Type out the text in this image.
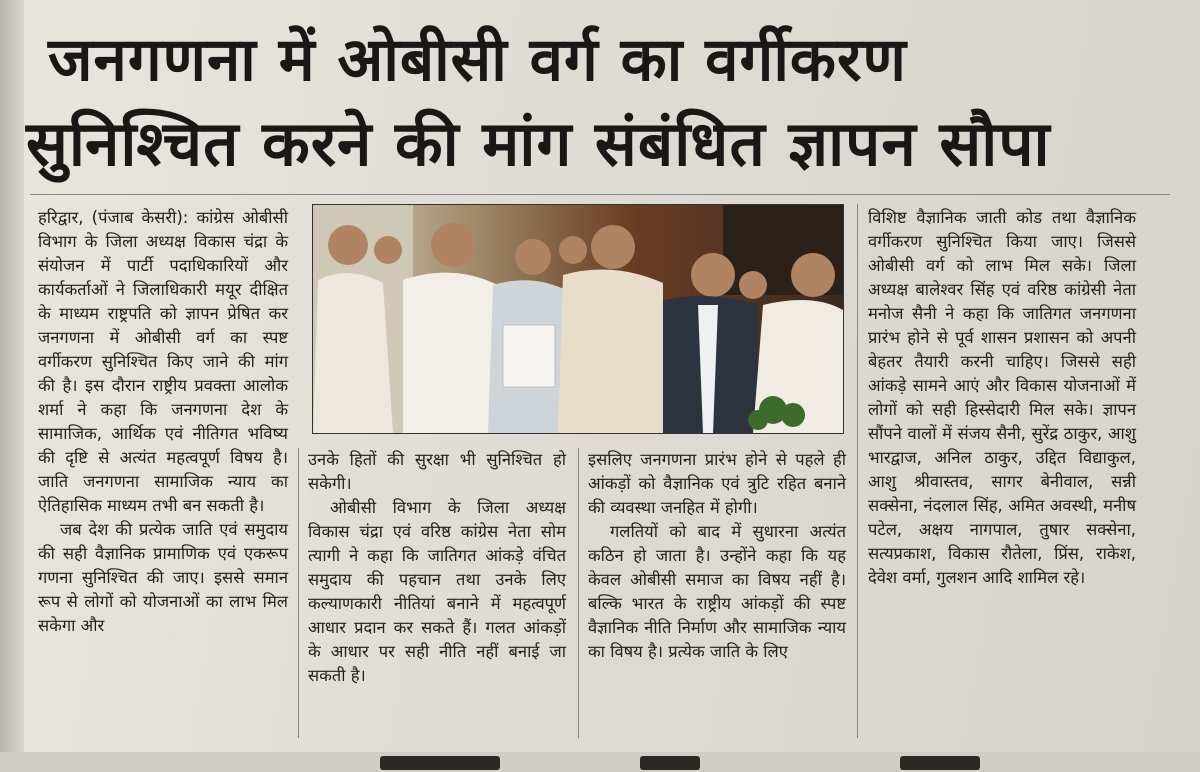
जनगणना में ओबीसी वर्ग का वर्गीकरण
सुनिश्चित करने की मांग संबंधित ज्ञापन सौपा

हरिद्वार, (पंजाब केसरी): कांग्रेस ओबीसी विभाग के जिला अध्यक्ष विकास चंद्रा के संयोजन में पार्टी पदाधिकारियों और कार्यकर्ताओं ने जिलाधिकारी मयूर दीक्षित के माध्यम राष्ट्रपति को ज्ञापन प्रेषित कर जनगणना में ओबीसी वर्ग का स्पष्ट वर्गीकरण सुनिश्चित किए जाने की मांग की है। इस दौरान राष्ट्रीय प्रवक्ता आलोक शर्मा ने कहा कि जनगणना देश के सामाजिक, आर्थिक एवं नीतिगत भविष्य की दृष्टि से अत्यंत महत्वपूर्ण विषय है। जाति जनगणना सामाजिक न्याय का ऐतिहासिक माध्यम तभी बन सकती है।

जब देश की प्रत्येक जाति एवं समुदाय की सही वैज्ञानिक प्रामाणिक एवं एकरूप गणना सुनिश्चित की जाए। इससे समान रूप से लोगों को योजनाओं का लाभ मिल सकेगा और

उनके हितों की सुरक्षा भी सुनिश्चित हो सकेगी।

ओबीसी विभाग के जिला अध्यक्ष विकास चंद्रा एवं वरिष्ठ कांग्रेस नेता सोम त्यागी ने कहा कि जातिगत आंकड़े वंचित समुदाय की पहचान तथा उनके लिए कल्याणकारी नीतियां बनाने में महत्वपूर्ण आधार प्रदान कर सकते हैं। गलत आंकड़ों के आधार पर सही नीति नहीं बनाई जा सकती है।

इसलिए जनगणना प्रारंभ होने से पहले ही आंकड़ों को वैज्ञानिक एवं त्रुटि रहित बनाने की व्यवस्था जनहित में होगी।

गलतियों को बाद में सुधारना अत्यंत कठिन हो जाता है। उन्होंने कहा कि यह केवल ओबीसी समाज का विषय नहीं है। बल्कि भारत के राष्ट्रीय आंकड़ों की स्पष्ट वैज्ञानिक नीति निर्माण और सामाजिक न्याय का विषय है। प्रत्येक जाति के लिए

विशिष्ट वैज्ञानिक जाती कोड तथा वैज्ञानिक वर्गीकरण सुनिश्चित किया जाए। जिससे ओबीसी वर्ग को लाभ मिल सके। जिला अध्यक्ष बालेश्वर सिंह एवं वरिष्ठ कांग्रेसी नेता मनोज सैनी ने कहा कि जातिगत जनगणना प्रारंभ होने से पूर्व शासन प्रशासन को अपनी बेहतर तैयारी करनी चाहिए। जिससे सही आंकड़े सामने आएं और विकास योजनाओं में लोगों को सही हिस्सेदारी मिल सके। ज्ञापन सौंपने वालों में संजय सैनी, सुरेंद्र ठाकुर, आशु भारद्वाज, अनिल ठाकुर, उद्दित विद्याकुल, आशु श्रीवास्तव, सागर बेनीवाल, सन्नी सक्सेना, नंदलाल सिंह, अमित अवस्थी, मनीष पटेल, अक्षय नागपाल, तुषार सक्सेना, सत्यप्रकाश, विकास रौतेला, प्रिंस, राकेश, देवेश वर्मा, गुलशन आदि शामिल रहे।
